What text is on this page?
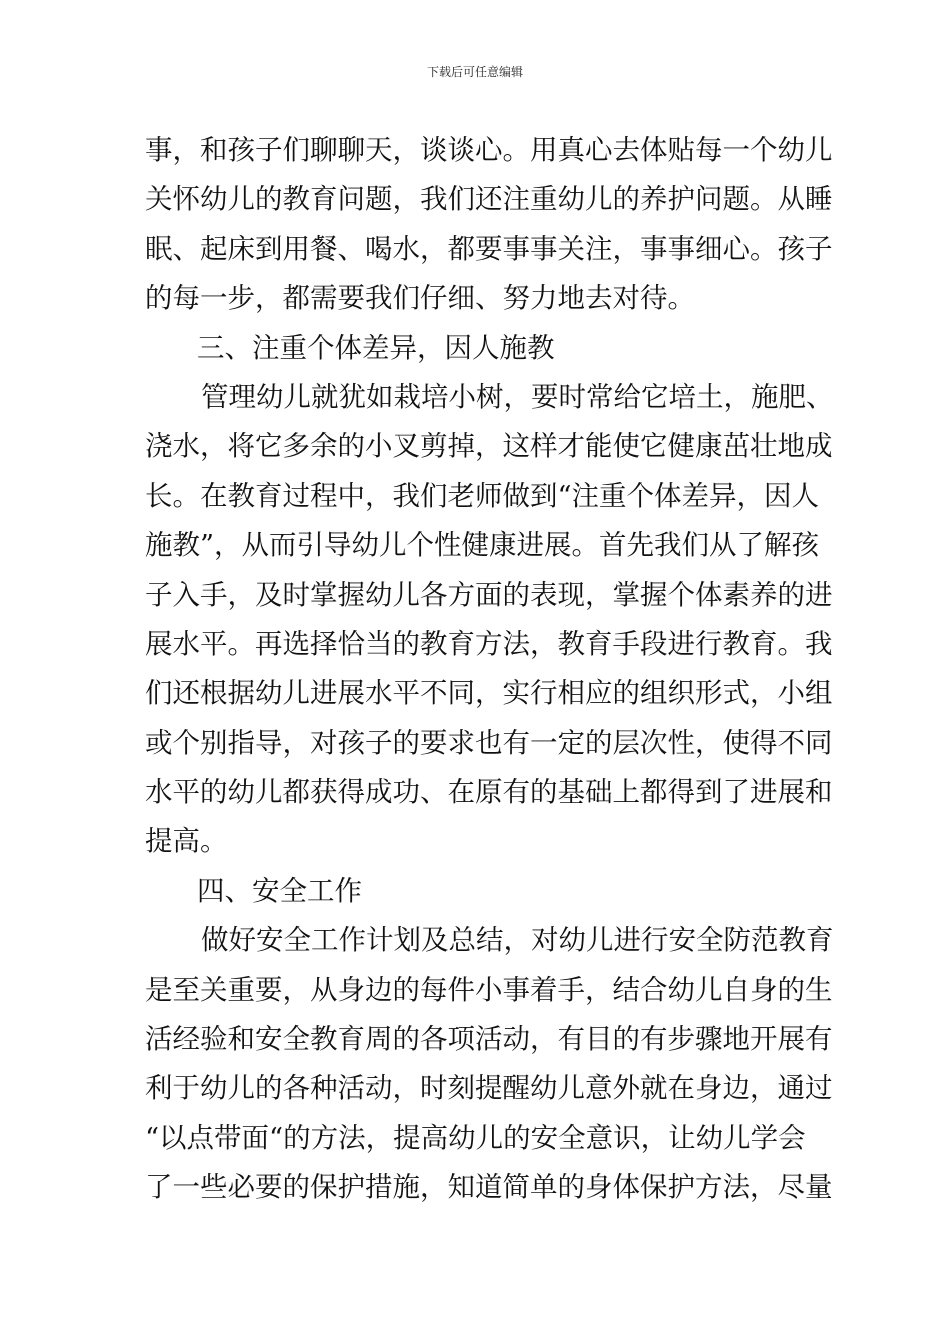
下载后可任意编辑
事，和孩子们聊聊天，谈谈心。用真心去体贴每一个幼儿
关怀幼儿的教育问题，我们还注重幼儿的养护问题。从睡
眠、起床到用餐、喝水，都要事事关注，事事细心。孩子
的每一步，都需要我们仔细、努力地去对待。
三、注重个体差异，因人施教
管理幼儿就犹如栽培小树，要时常给它培土，施肥、
浇水，将它多余的小叉剪掉，这样才能使它健康茁壮地成
长。在教育过程中，我们老师做到“注重个体差异，因人
施教”，从而引导幼儿个性健康进展。首先我们从了解孩
子入手，及时掌握幼儿各方面的表现，掌握个体素养的进
展水平。再选择恰当的教育方法，教育手段进行教育。我
们还根据幼儿进展水平不同，实行相应的组织形式，小组
或个别指导，对孩子的要求也有一定的层次性，使得不同
水平的幼儿都获得成功、在原有的基础上都得到了进展和
提高。
四、安全工作
做好安全工作计划及总结，对幼儿进行安全防范教育
是至关重要，从身边的每件小事着手，结合幼儿自身的生
活经验和安全教育周的各项活动，有目的有步骤地开展有
利于幼儿的各种活动，时刻提醒幼儿意外就在身边，通过
“以点带面“的方法，提高幼儿的安全意识，让幼儿学会
了一些必要的保护措施，知道简单的身体保护方法，尽量
